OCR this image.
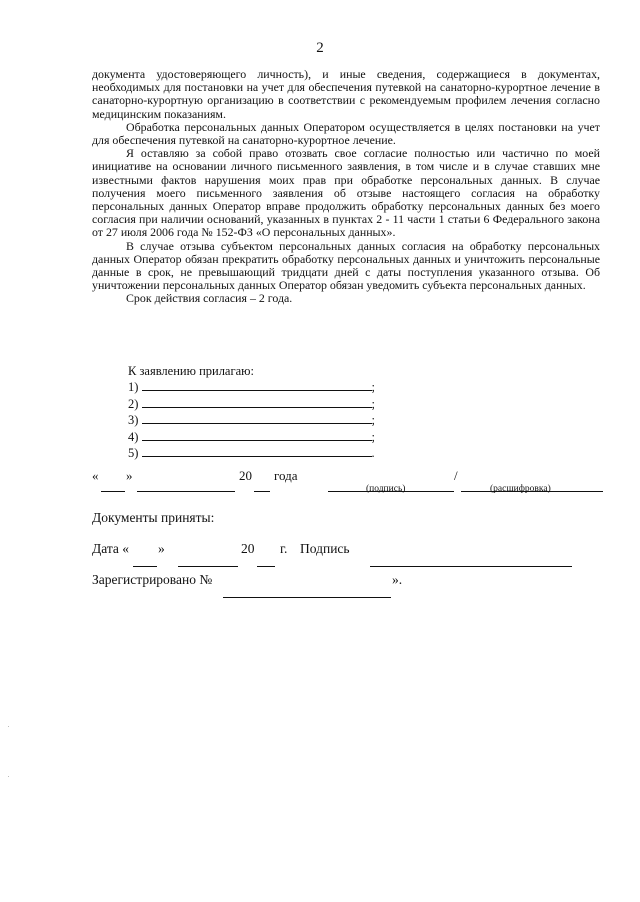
2

документа удостоверяющего личность), и иные сведения, содержащиеся в документах, необходимых для постановки на учет для обеспечения путевкой на санаторно-курортное лечение в санаторно-курортную организацию в соответствии с рекомендуемым профилем лечения согласно медицинским показаниям.

Обработка персональных данных Оператором осуществляется в целях постановки на учет для обеспечения путевкой на санаторно-курортное лечение.

Я оставляю за собой право отозвать свое согласие полностью или частично по моей инициативе на основании личного письменного заявления, в том числе и в случае ставших мне известными фактов нарушения моих прав при обработке персональных данных. В случае получения моего письменного заявления об отзыве настоящего согласия на обработку персональных данных Оператор вправе продолжить обработку персональных данных без моего согласия при наличии оснований, указанных в пунктах 2 - 11 части 1 статьи 6 Федерального закона от 27 июля 2006 года № 152-ФЗ «О персональных данных».

В случае отзыва субъектом персональных данных согласия на обработку персональных данных Оператор обязан прекратить обработку персональных данных и уничтожить персональные данные в срок, не превышающий тридцати дней с даты поступления указанного отзыва. Об уничтожении персональных данных Оператор обязан уведомить субъекта персональных данных.

Срок действия согласия – 2 года.

К заявлению прилагаю:
1)	;
2)	;
3)	;
4)	;
5)	.
« »	20 года	/
(подпись)	(расшифровка)
Документы приняты:
Дата « »	20 г. Подпись
Зарегистрировано №	».
